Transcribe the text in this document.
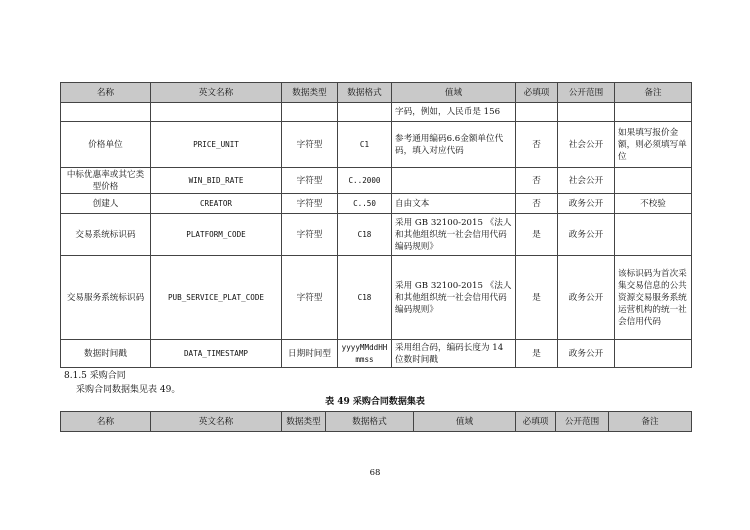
名称	英文名称	数据类型	数据格式	值域	必填项	公开范围	备注
				字码，例如，人民币是 156			
价格单位	PRICE_UNIT	字符型	C1	参考通用编码6.6金额单位代码，填入对应代码	否	社会公开	如果填写报价金额，则必须填写单位
中标优惠率或其它类型价格	WIN_BID_RATE	字符型	C..2000		否	社会公开	
创建人	CREATOR	字符型	C..50	自由文本	否	政务公开	不校验
交易系统标识码	PLATFORM_CODE	字符型	C18	采用 GB 32100-2015 《法人和其他组织统一社会信用代码编码规则》	是	政务公开	
交易服务系统标识码	PUB_SERVICE_PLAT_CODE	字符型	C18	采用 GB 32100-2015 《法人和其他组织统一社会信用代码编码规则》	是	政务公开	该标识码为首次采集交易信息的公共资源交易服务系统运营机构的统一社会信用代码
数据时间戳	DATA_TIMESTAMP	日期时间型	yyyyMMddHHmmss	采用组合码，编码长度为 14 位数时间戳	是	政务公开	
8.1.5 采购合同
采购合同数据集见表 49。
表 49 采购合同数据集表
名称	英文名称	数据类型	数据格式	值域	必填项	公开范围	备注
68
